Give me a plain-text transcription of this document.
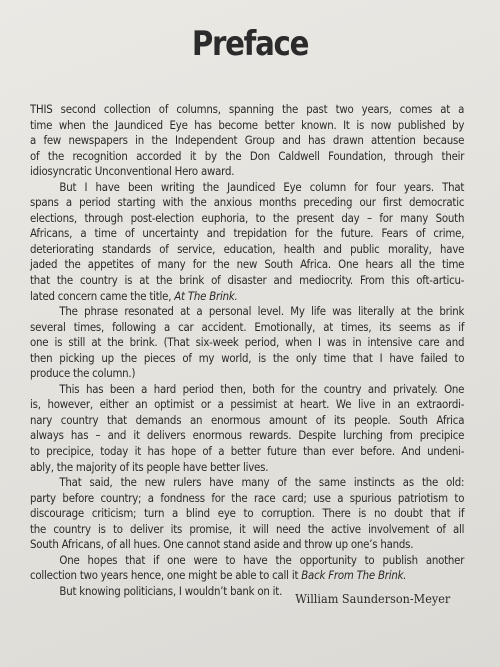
Preface
THIS second collection of columns, spanning the past two years, comes at a
time when the Jaundiced Eye has become better known. It is now published by
a few newspapers in the Independent Group and has drawn attention because
of the recognition accorded it by the Don Caldwell Foundation, through their
idiosyncratic Unconventional Hero award.
But I have been writing the Jaundiced Eye column for four years. That
spans a period starting with the anxious months preceding our first democratic
elections, through post-election euphoria, to the present day – for many South
Africans, a time of uncertainty and trepidation for the future. Fears of crime,
deteriorating standards of service, education, health and public morality, have
jaded the appetites of many for the new South Africa. One hears all the time
that the country is at the brink of disaster and mediocrity. From this oft-articu-
lated concern came the title, At The Brink.
The phrase resonated at a personal level. My life was literally at the brink
several times, following a car accident. Emotionally, at times, its seems as if
one is still at the brink. (That six-week period, when I was in intensive care and
then picking up the pieces of my world, is the only time that I have failed to
produce the column.)
This has been a hard period then, both for the country and privately. One
is, however, either an optimist or a pessimist at heart. We live in an extraordi-
nary country that demands an enormous amount of its people. South Africa
always has – and it delivers enormous rewards. Despite lurching from precipice
to precipice, today it has hope of a better future than ever before. And undeni-
ably, the majority of its people have better lives.
That said, the new rulers have many of the same instincts as the old:
party before country; a fondness for the race card; use a spurious patriotism to
discourage criticism; turn a blind eye to corruption. There is no doubt that if
the country is to deliver its promise, it will need the active involvement of all
South Africans, of all hues. One cannot stand aside and throw up one’s hands.
One hopes that if one were to have the opportunity to publish another
collection two years hence, one might be able to call it Back From The Brink.
But knowing politicians, I wouldn’t bank on it.
William Saunderson-Meyer
